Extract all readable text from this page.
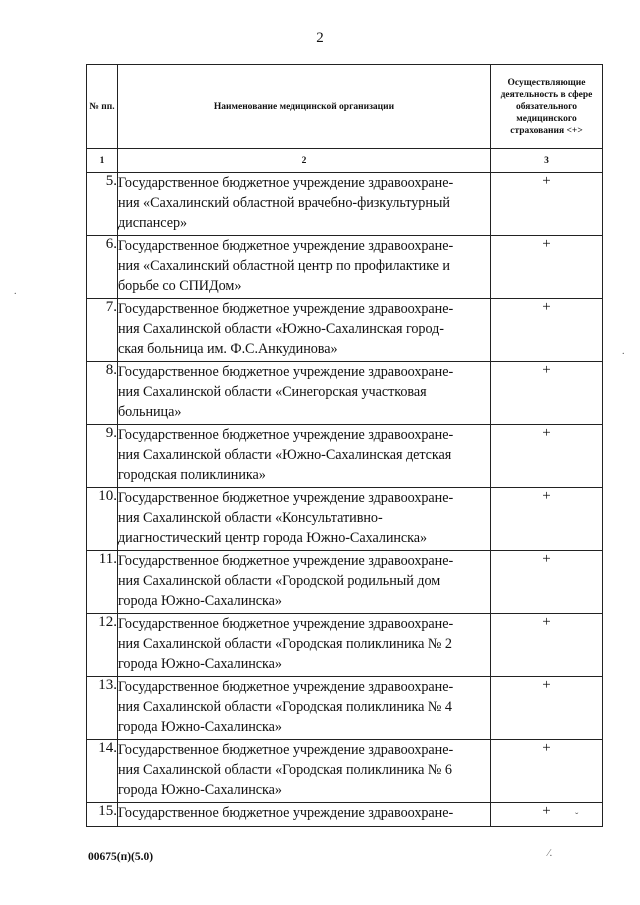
2
№ пп.	Наименование медицинской организации	Осуществляющие деятельность в сфере обязательного медицинского страхования <+>
1	2	3
5.	Государственное бюджетное учреждение здравоохране-
ния «Сахалинский областной врачебно-физкультурный
диспансер»	+
6.	Государственное бюджетное учреждение здравоохране-
ния «Сахалинский областной центр по профилактике и
борьбе со СПИДом»	+
7.	Государственное бюджетное учреждение здравоохране-
ния Сахалинской области «Южно-Сахалинская город-
ская больница им. Ф.С.Анкудинова»	+
8.	Государственное бюджетное учреждение здравоохране-
ния Сахалинской области «Синегорская участковая
больница»	+
9.	Государственное бюджетное учреждение здравоохране-
ния Сахалинской области «Южно-Сахалинская детская
городская поликлиника»	+
10.	Государственное бюджетное учреждение здравоохране-
ния Сахалинской области «Консультативно-
диагностический центр города Южно-Сахалинска»	+
11.	Государственное бюджетное учреждение здравоохране-
ния Сахалинской области «Городской родильный дом
города Южно-Сахалинска»	+
12.	Государственное бюджетное учреждение здравоохране-
ния Сахалинской области «Городская поликлиника № 2
города Южно-Сахалинска»	+
13.	Государственное бюджетное учреждение здравоохране-
ния Сахалинской области «Городская поликлиника № 4
города Южно-Сахалинска»	+
14.	Государственное бюджетное учреждение здравоохране-
ния Сахалинской области «Городская поликлиника № 6
города Южно-Сахалинска»	+
15.	Государственное бюджетное учреждение здравоохране-	+
00675(п)(5.0)
.
.
ˇ
⁄.
